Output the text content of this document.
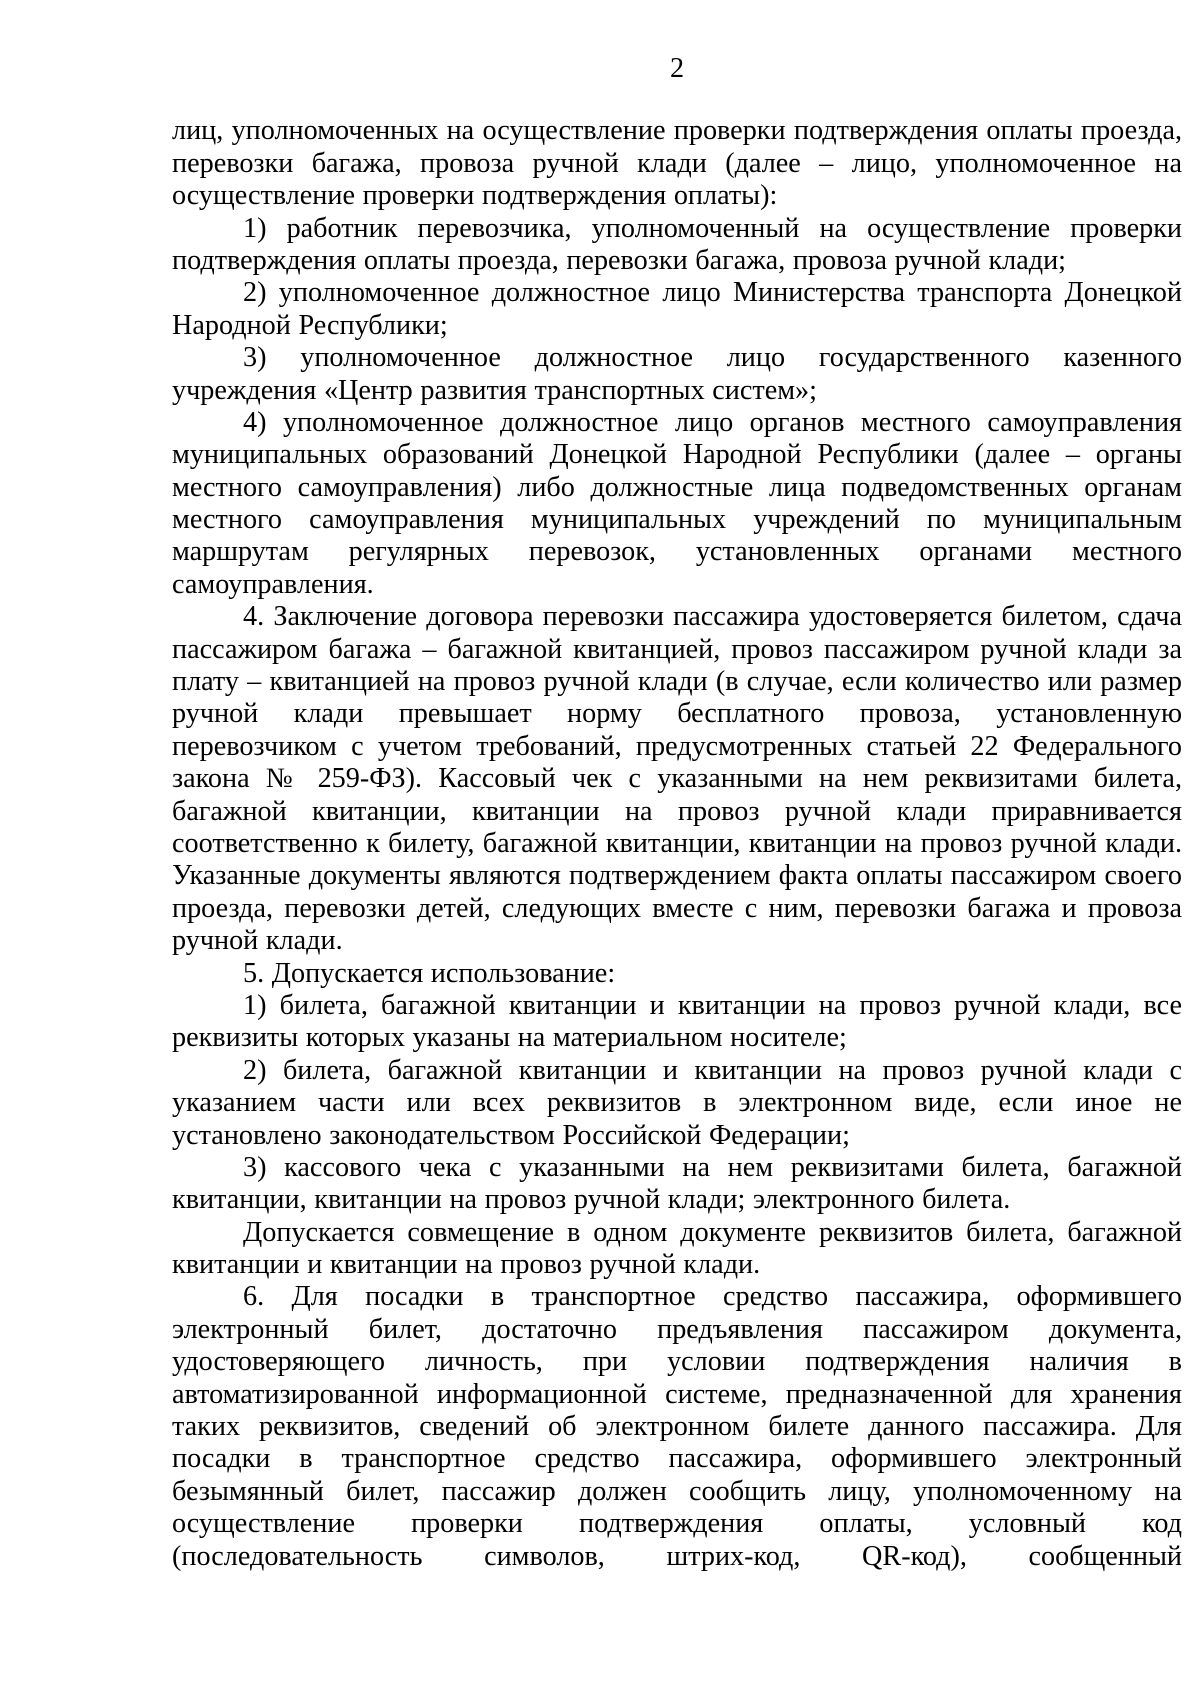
2

лиц, уполномоченных на осуществление проверки подтверждения оплаты проезда, перевозки багажа, провоза ручной клади (далее – лицо, уполномоченное на осуществление проверки подтверждения оплаты):

1) работник перевозчика, уполномоченный на осуществление проверки подтверждения оплаты проезда, перевозки багажа, провоза ручной клади;

2) уполномоченное должностное лицо Министерства транспорта Донецкой Народной Республики;

3) уполномоченное должностное лицо государственного казенного учреждения «Центр развития транспортных систем»;

4) уполномоченное должностное лицо органов местного самоуправления муниципальных образований Донецкой Народной Республики (далее – органы местного самоуправления) либо должностные лица подведомственных органам местного самоуправления муниципальных учреждений по муниципальным маршрутам регулярных перевозок, установленных органами местного самоуправления.

4. Заключение договора перевозки пассажира удостоверяется билетом, сдача пассажиром багажа – багажной квитанцией, провоз пассажиром ручной клади за плату – квитанцией на провоз ручной клади (в случае, если количество или размер ручной клади превышает норму бесплатного провоза, установленную перевозчиком с учетом требований, предусмотренных статьей 22 Федерального закона № 259-ФЗ). Кассовый чек с указанными на нем реквизитами билета, багажной квитанции, квитанции на провоз ручной клади приравнивается соответственно к билету, багажной квитанции, квитанции на провоз ручной клади. Указанные документы являются подтверждением факта оплаты пассажиром своего проезда, перевозки детей, следующих вместе с ним, перевозки багажа и провоза ручной клади.

5. Допускается использование:

1) билета, багажной квитанции и квитанции на провоз ручной клади, все реквизиты которых указаны на материальном носителе;

2) билета, багажной квитанции и квитанции на провоз ручной клади с указанием части или всех реквизитов в электронном виде, если иное не установлено законодательством Российской Федерации;

3) кассового чека с указанными на нем реквизитами билета, багажной квитанции, квитанции на провоз ручной клади; электронного билета.

Допускается совмещение в одном документе реквизитов билета, багажной квитанции и квитанции на провоз ручной клади.

6. Для посадки в транспортное средство пассажира, оформившего электронный билет, достаточно предъявления пассажиром документа, удостоверяющего личность, при условии подтверждения наличия в автоматизированной информационной системе, предназначенной для хранения таких реквизитов, сведений об электронном билете данного пассажира. Для посадки в транспортное средство пассажира, оформившего электронный безымянный билет, пассажир должен сообщить лицу, уполномоченному на осуществление проверки подтверждения оплаты, условный код (последовательность символов, штрих-код, QR-код), сообщенный
